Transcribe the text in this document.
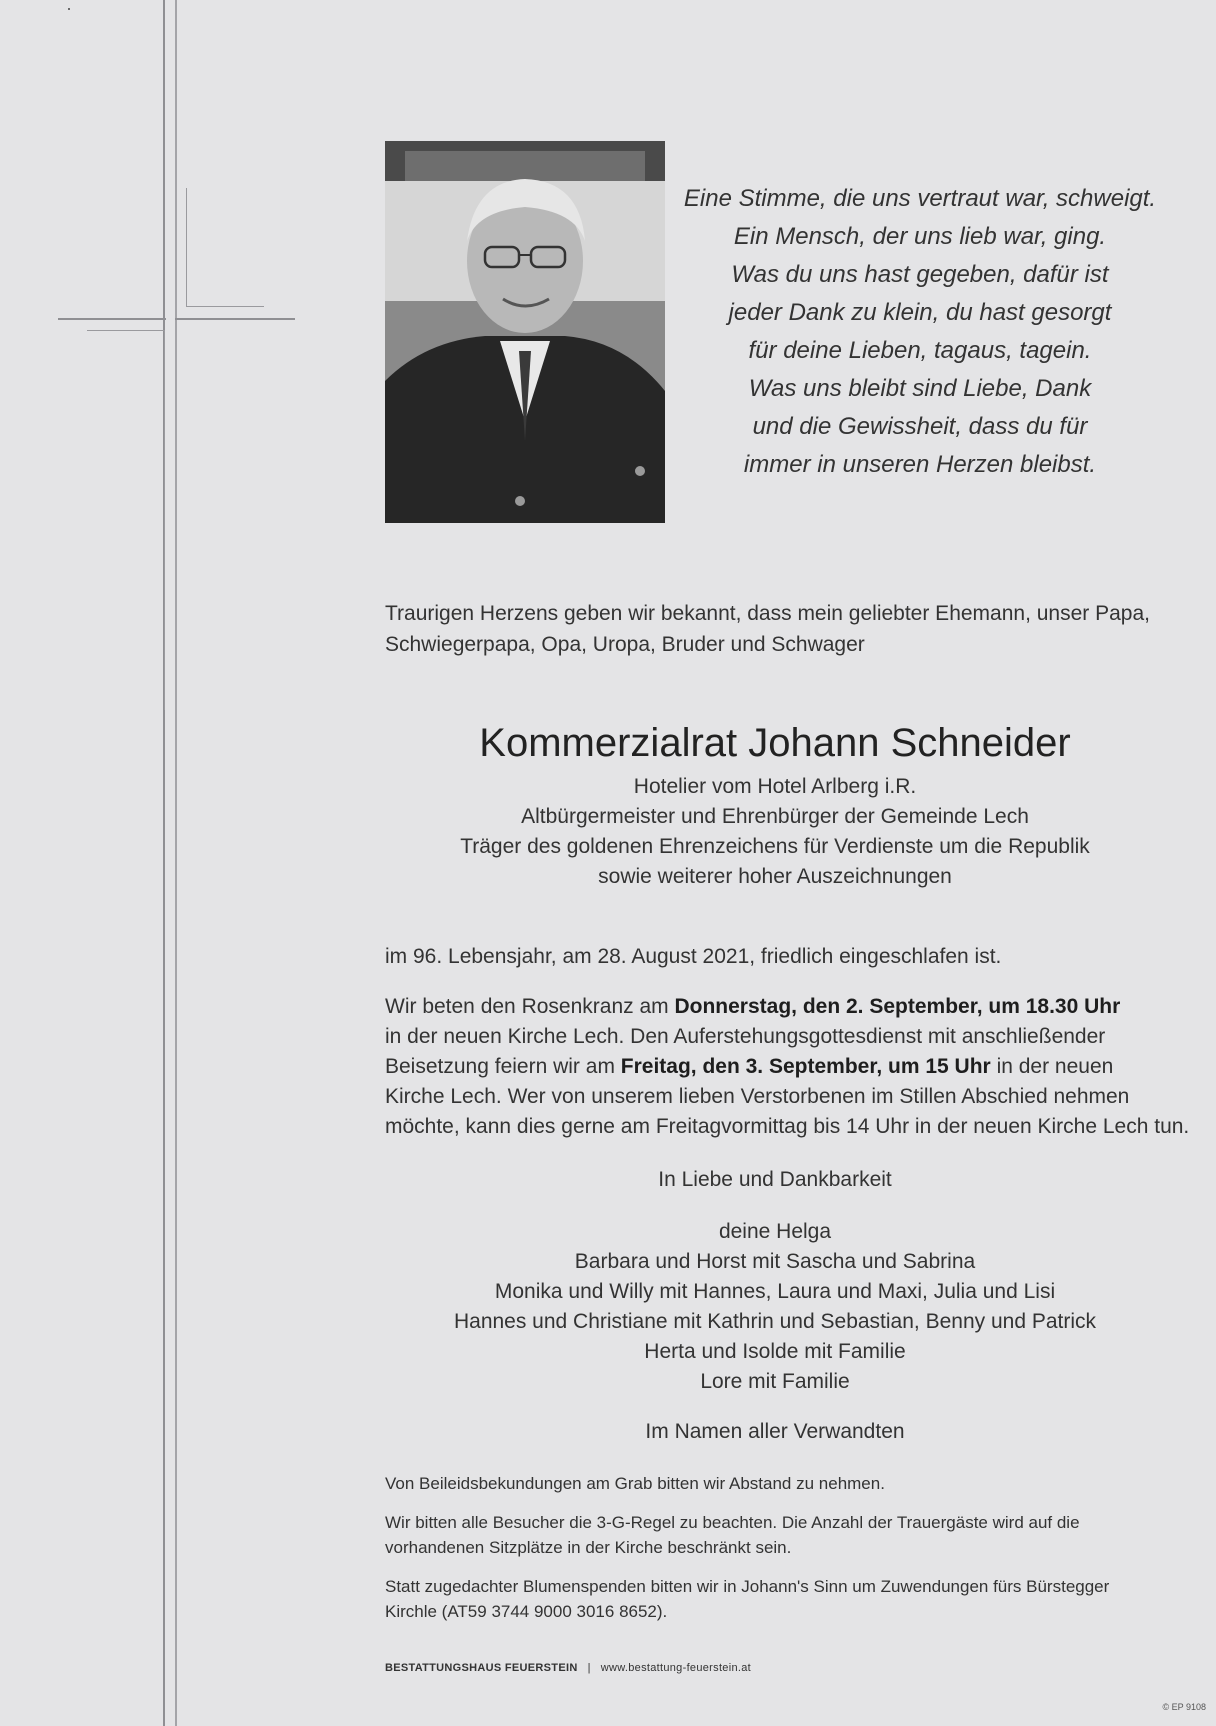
Eine Stimme, die uns vertraut war, schweigt.
Ein Mensch, der uns lieb war, ging.
Was du uns hast gegeben, dafür ist
jeder Dank zu klein, du hast gesorgt
für deine Lieben, tagaus, tagein.
Was uns bleibt sind Liebe, Dank
und die Gewissheit, dass du für
immer in unseren Herzen bleibst.
Traurigen Herzens geben wir bekannt, dass mein geliebter Ehemann, unser Papa,
Schwiegerpapa, Opa, Uropa, Bruder und Schwager
Kommerzialrat Johann Schneider
Hotelier vom Hotel Arlberg i.R.
Altbürgermeister und Ehrenbürger der Gemeinde Lech
Träger des goldenen Ehrenzeichens für Verdienste um die Republik
sowie weiterer hoher Auszeichnungen
im 96. Lebensjahr, am 28. August 2021, friedlich eingeschlafen ist.
Wir beten den Rosenkranz am Donnerstag, den 2. September, um 18.30 Uhr
in der neuen Kirche Lech. Den Auferstehungsgottesdienst mit anschließender
Beisetzung feiern wir am Freitag, den 3. September, um 15 Uhr in der neuen
Kirche Lech. Wer von unserem lieben Verstorbenen im Stillen Abschied nehmen
möchte, kann dies gerne am Freitagvormittag bis 14 Uhr in der neuen Kirche Lech tun.
In Liebe und Dankbarkeit
deine Helga
Barbara und Horst mit Sascha und Sabrina
Monika und Willy mit Hannes, Laura und Maxi, Julia und Lisi
Hannes und Christiane mit Kathrin und Sebastian, Benny und Patrick
Herta und Isolde mit Familie
Lore mit Familie
Im Namen aller Verwandten
Von Beileidsbekundungen am Grab bitten wir Abstand zu nehmen.
Wir bitten alle Besucher die 3-G-Regel zu beachten. Die Anzahl der Trauergäste wird auf die
vorhandenen Sitzplätze in der Kirche beschränkt sein.
Statt zugedachter Blumenspenden bitten wir in Johann's Sinn um Zuwendungen fürs Bürstegger
Kirchle (AT59 3744 9000 3016 8652).
BESTATTUNGSHAUS FEUERSTEIN | www.bestattung-feuerstein.at
© EP 9108
